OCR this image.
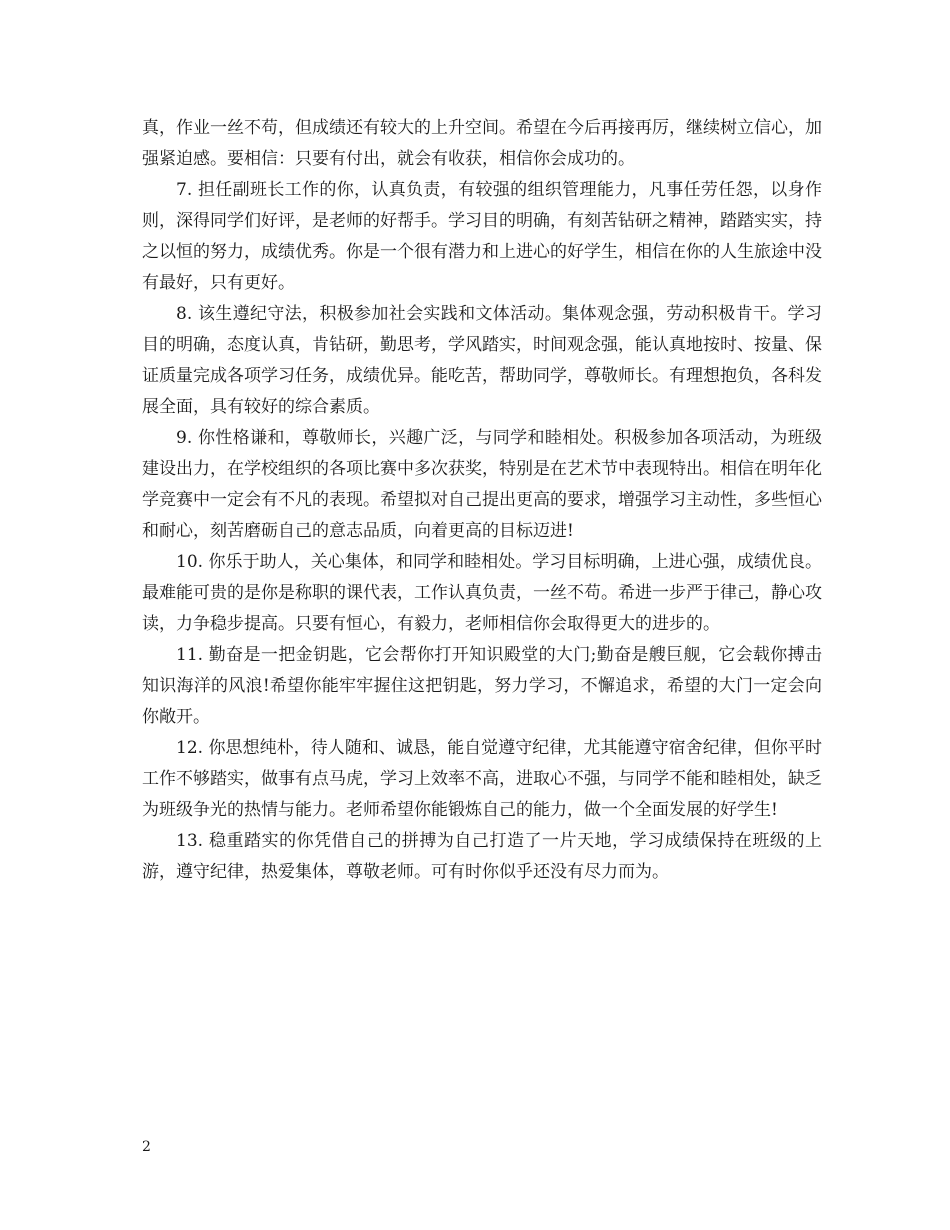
真，作业一丝不苟，但成绩还有较大的上升空间。希望在今后再接再厉，继续树立信心，加强紧迫感。要相信：只要有付出，就会有收获，相信你会成功的。

7. 担任副班长工作的你，认真负责，有较强的组织管理能力，凡事任劳任怨，以身作则，深得同学们好评，是老师的好帮手。学习目的明确，有刻苦钻研之精神，踏踏实实，持之以恒的努力，成绩优秀。你是一个很有潜力和上进心的好学生，相信在你的人生旅途中没有最好，只有更好。

8. 该生遵纪守法，积极参加社会实践和文体活动。集体观念强，劳动积极肯干。学习目的明确，态度认真，肯钻研，勤思考，学风踏实，时间观念强，能认真地按时、按量、保证质量完成各项学习任务，成绩优异。能吃苦，帮助同学，尊敬师长。有理想抱负，各科发展全面，具有较好的综合素质。

9. 你性格谦和，尊敬师长，兴趣广泛，与同学和睦相处。积极参加各项活动，为班级建设出力，在学校组织的各项比赛中多次获奖，特别是在艺术节中表现特出。相信在明年化学竞赛中一定会有不凡的表现。希望拟对自己提出更高的要求，增强学习主动性，多些恒心和耐心，刻苦磨砺自己的意志品质，向着更高的目标迈进!

10. 你乐于助人，关心集体，和同学和睦相处。学习目标明确，上进心强，成绩优良。最难能可贵的是你是称职的课代表，工作认真负责，一丝不苟。希进一步严于律己，静心攻读，力争稳步提高。只要有恒心，有毅力，老师相信你会取得更大的进步的。

11. 勤奋是一把金钥匙，它会帮你打开知识殿堂的大门;勤奋是艘巨舰，它会载你搏击知识海洋的风浪!希望你能牢牢握住这把钥匙，努力学习，不懈追求，希望的大门一定会向你敞开。

12. 你思想纯朴，待人随和、诚恳，能自觉遵守纪律，尤其能遵守宿舍纪律，但你平时工作不够踏实，做事有点马虎，学习上效率不高，进取心不强，与同学不能和睦相处，缺乏为班级争光的热情与能力。老师希望你能锻炼自己的能力，做一个全面发展的好学生!

13. 稳重踏实的你凭借自己的拼搏为自己打造了一片天地，学习成绩保持在班级的上游，遵守纪律，热爱集体，尊敬老师。可有时你似乎还没有尽力而为。

2
